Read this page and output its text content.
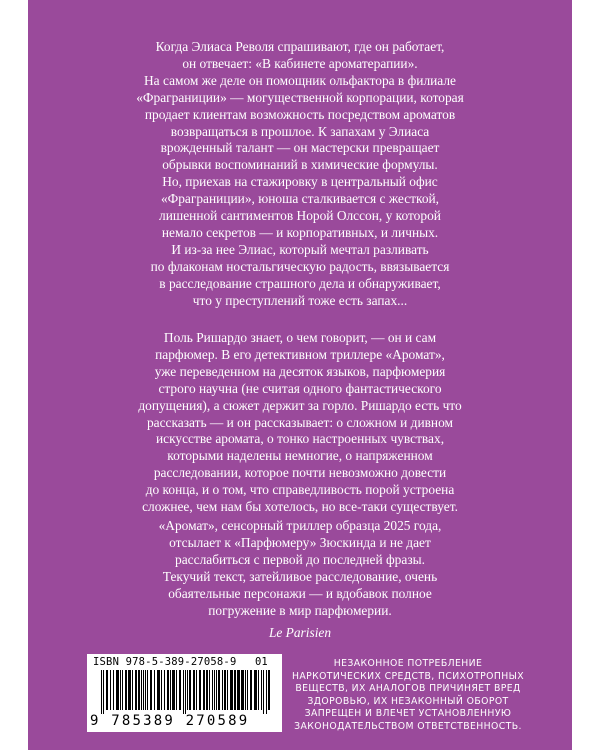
Когда Элиаса Револя спрашивают, где он работает,
он отвечает: «В кабинете ароматерапии».
На самом же деле он помощник ольфактора в филиале
«Фраграниции» — могущественной корпорации, которая
продает клиентам возможность посредством ароматов
возвращаться в прошлое. К запахам у Элиаса
врожденный талант — он мастерски превращает
обрывки воспоминаний в химические формулы.
Но, приехав на стажировку в центральный офис
«Фраграниции», юноша сталкивается с жесткой,
лишенной сантиментов Норой Олссон, у которой
немало секретов — и корпоративных, и личных.
И из-за нее Элиас, который мечтал разливать
по флаконам ностальгическую радость, ввязывается
в расследование страшного дела и обнаруживает,
что у преступлений тоже есть запах...
Поль Ришардо знает, о чем говорит, — он и сам
парфюмер. В его детективном триллере «Аромат»,
уже переведенном на десяток языков, парфюмерия
строго научна (не считая одного фантастического
допущения), а сюжет держит за горло. Ришардо есть что
рассказать — и он рассказывает: о сложном и дивном
искусстве аромата, о тонко настроенных чувствах,
которыми наделены немногие, о напряженном
расследовании, которое почти невозможно довести
до конца, и о том, что справедливость порой устроена
сложнее, чем нам бы хотелось, но все-таки существует.
«Аромат», сенсорный триллер образца 2025 года,
отсылает к «Парфюмеру» Зюскинда и не дает
расслабиться с первой до последней фразы.
Текучий текст, затейливое расследование, очень
обаятельные персонажи — и вдобавок полное
погружение в мир парфюмерии.
Le Parisien
ISBN 978-5-389-27058-9 01
9 785389 270589
НЕЗАКОННОЕ ПОТРЕБЛЕНИЕ
НАРКОТИЧЕСКИХ СРЕДСТВ, ПСИХОТРОПНЫХ
ВЕЩЕСТВ, ИХ АНАЛОГОВ ПРИЧИНЯЕТ ВРЕД
ЗДОРОВЬЮ, ИХ НЕЗАКОННЫЙ ОБОРОТ
ЗАПРЕЩЕН И ВЛЕЧЕТ УСТАНОВЛЕННУЮ
ЗАКОНОДАТЕЛЬСТВОМ ОТВЕТСТВЕННОСТЬ.
